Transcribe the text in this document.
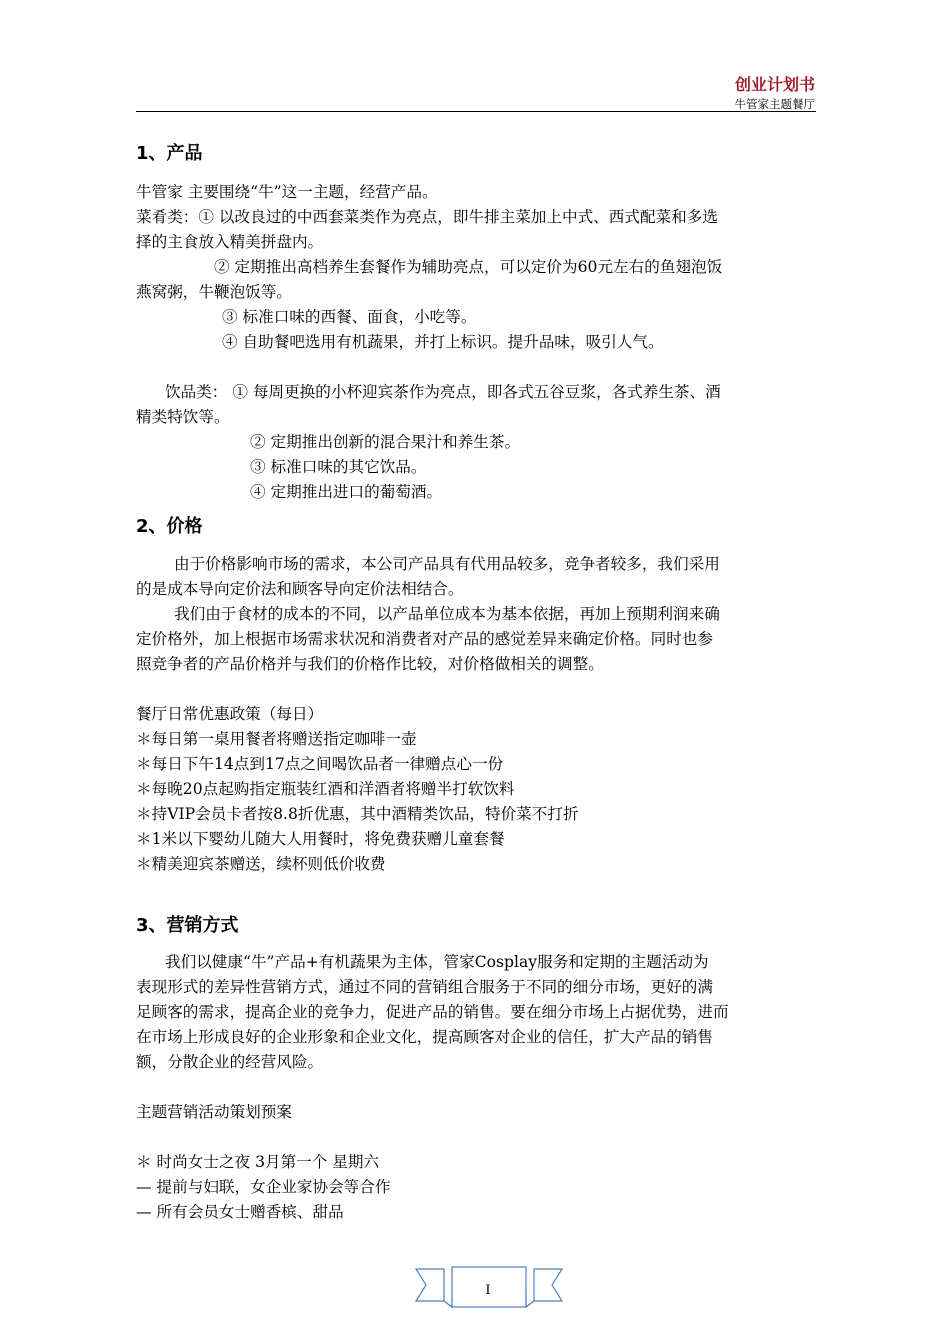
创业计划书
牛管家主题餐厅
1、产品
牛管家 主要围绕“牛”这一主题，经营产品。
菜肴类：① 以改良过的中西套菜类作为亮点，即牛排主菜加上中式、西式配菜和多选
择的主食放入精美拼盘内。
② 定期推出高档养生套餐作为辅助亮点，可以定价为60元左右的鱼翅泡饭
燕窝粥，牛鞭泡饭等。
③ 标准口味的西餐、面食，小吃等。
④ 自助餐吧选用有机蔬果，并打上标识。提升品味，吸引人气。
饮品类： ① 每周更换的小杯迎宾茶作为亮点，即各式五谷豆浆，各式养生茶、酒
精类特饮等。
② 定期推出创新的混合果汁和养生茶。
③ 标准口味的其它饮品。
④ 定期推出进口的葡萄酒。
2、价格
由于价格影响市场的需求，本公司产品具有代用品较多，竞争者较多，我们采用
的是成本导向定价法和顾客导向定价法相结合。
我们由于食材的成本的不同，以产品单位成本为基本依据，再加上预期利润来确
定价格外，加上根据市场需求状况和消费者对产品的感觉差异来确定价格。同时也参
照竞争者的产品价格并与我们的价格作比较，对价格做相关的调整。
餐厅日常优惠政策（每日）
＊每日第一桌用餐者将赠送指定咖啡一壶
＊每日下午14点到17点之间喝饮品者一律赠点心一份
＊每晚20点起购指定瓶装红酒和洋酒者将赠半打软饮料
＊持VIP会员卡者按8.8折优惠，其中酒精类饮品，特价菜不打折
＊1米以下婴幼儿随大人用餐时，将免费获赠儿童套餐
＊精美迎宾茶赠送，续杯则低价收费
3、营销方式
我们以健康“牛”产品+有机蔬果为主体，管家Cosplay服务和定期的主题活动为
表现形式的差异性营销方式，通过不同的营销组合服务于不同的细分市场，更好的满
足顾客的需求，提高企业的竞争力，促进产品的销售。要在细分市场上占据优势，进而
在市场上形成良好的企业形象和企业文化，提高顾客对企业的信任，扩大产品的销售
额，分散企业的经营风险。
主题营销活动策划预案
＊ 时尚女士之夜 3月第一个 星期六
— 提前与妇联，女企业家协会等合作
— 所有会员女士赠香槟、甜品
I
